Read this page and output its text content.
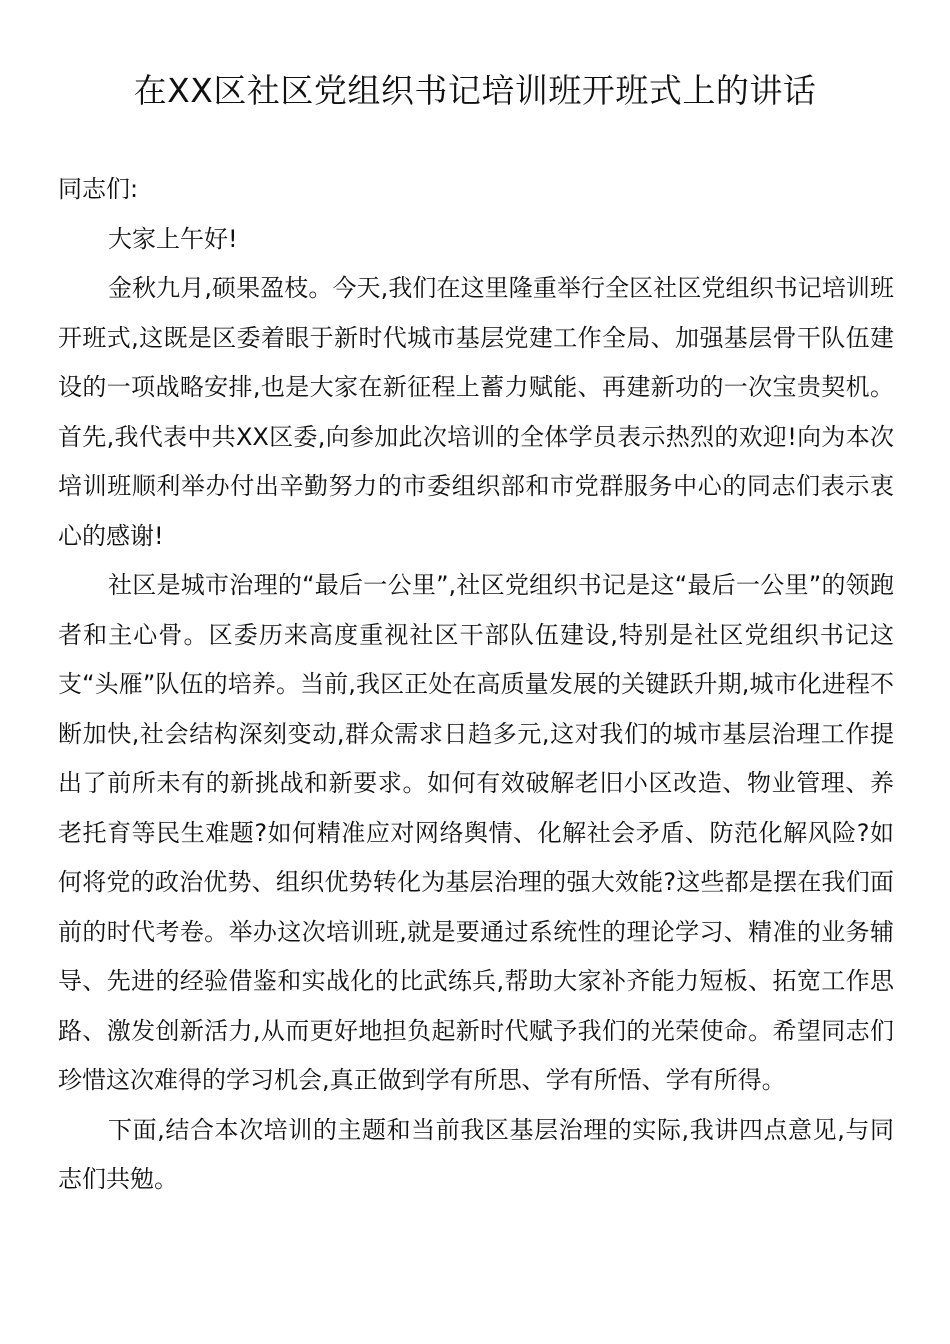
在XX区社区党组织书记培训班开班式上的讲话

同志们:

大家上午好!

金秋九月,硕果盈枝。今天,我们在这里隆重举行全区社区党组织书记培训班开班式,这既是区委着眼于新时代城市基层党建工作全局、加强基层骨干队伍建设的一项战略安排,也是大家在新征程上蓄力赋能、再建新功的一次宝贵契机。首先,我代表中共XX区委,向参加此次培训的全体学员表示热烈的欢迎!向为本次培训班顺利举办付出辛勤努力的市委组织部和市党群服务中心的同志们表示衷心的感谢!

社区是城市治理的“最后一公里”,社区党组织书记是这“最后一公里”的领跑者和主心骨。区委历来高度重视社区干部队伍建设,特别是社区党组织书记这支“头雁”队伍的培养。当前,我区正处在高质量发展的关键跃升期,城市化进程不断加快,社会结构深刻变动,群众需求日趋多元,这对我们的城市基层治理工作提出了前所未有的新挑战和新要求。如何有效破解老旧小区改造、物业管理、养老托育等民生难题?如何精准应对网络舆情、化解社会矛盾、防范化解风险?如何将党的政治优势、组织优势转化为基层治理的强大效能?这些都是摆在我们面前的时代考卷。举办这次培训班,就是要通过系统性的理论学习、精准的业务辅导、先进的经验借鉴和实战化的比武练兵,帮助大家补齐能力短板、拓宽工作思路、激发创新活力,从而更好地担负起新时代赋予我们的光荣使命。希望同志们珍惜这次难得的学习机会,真正做到学有所思、学有所悟、学有所得。

下面,结合本次培训的主题和当前我区基层治理的实际,我讲四点意见,与同志们共勉。
